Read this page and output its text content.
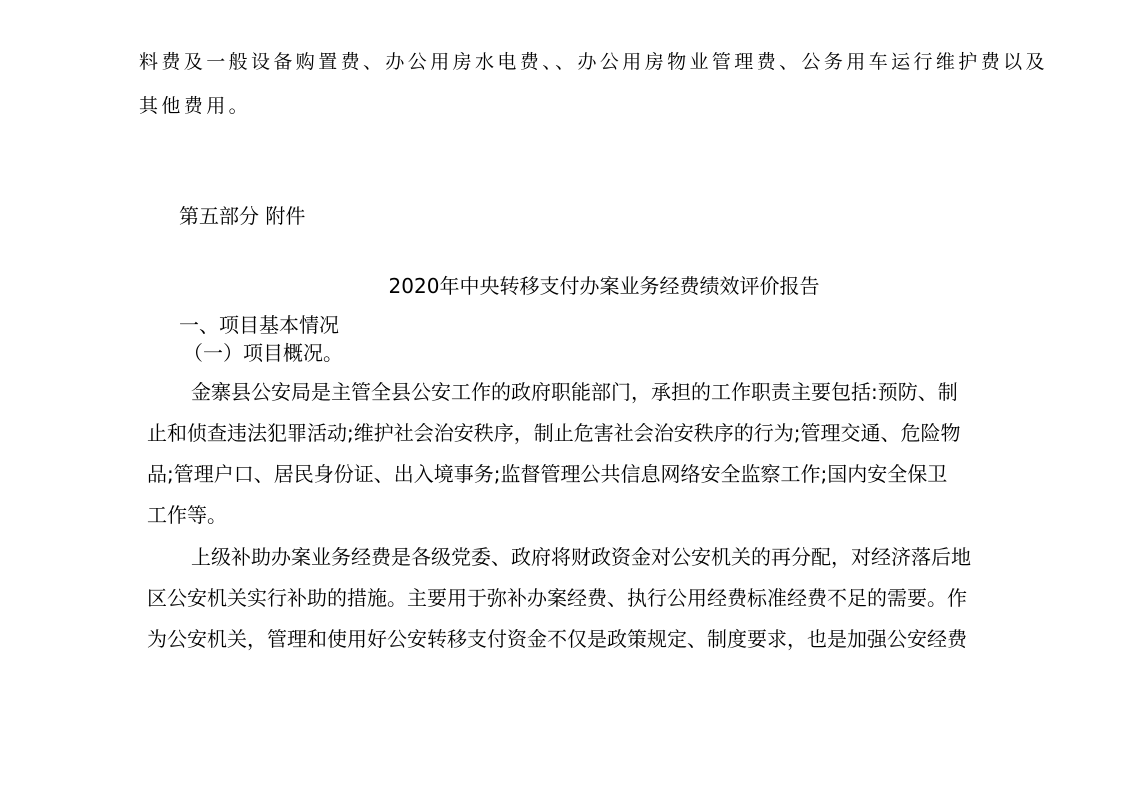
料费及一般设备购置费、办公用房水电费、、办公用房物业管理费、公务用车运行维护费以及
其他费用。
第五部分 附件
2020年中央转移支付办案业务经费绩效评价报告
一、项目基本情况
（一）项目概况。
金寨县公安局是主管全县公安工作的政府职能部门，承担的工作职责主要包括:预防、制
止和侦查违法犯罪活动;维护社会治安秩序，制止危害社会治安秩序的行为;管理交通、危险物
品;管理户口、居民身份证、出入境事务;监督管理公共信息网络安全监察工作;国内安全保卫
工作等。
上级补助办案业务经费是各级党委、政府将财政资金对公安机关的再分配，对经济落后地
区公安机关实行补助的措施。主要用于弥补办案经费、执行公用经费标准经费不足的需要。作
为公安机关，管理和使用好公安转移支付资金不仅是政策规定、制度要求，也是加强公安经费
